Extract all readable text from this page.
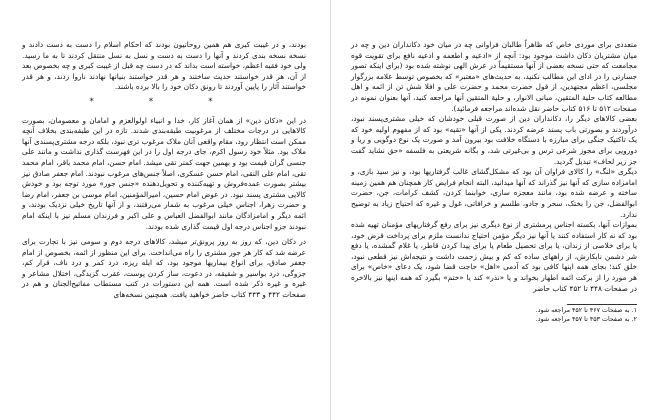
بودند، و در غیبت کبری هم همین روحانیون بودند که احکام اسلام را دست به دست دادند و نسخه نسخه بندی کردند و آنها را دست به دست و نسل به نسل منتقل کردند تا به ما رسید. ولی خود فقیه اعظم، خواسته است بداند که در دست چه قبل از غیبت کبری و چه بخصوص بعد از آن، هر قدر خواستند حدیث ساختند و هر قدر خواستند بنیانها نهادند ناروا زدند، و هر قدر خواستند آثار را پایین آوردند تا رونق دکان خود را بالا برده باشند.

* * *

در این «دکان دین» از همان آغاز کار، خدا و انبیاء اولوالعزم و امامان و معصومان، بصورت کالاهایی در درجات مختلف از مرغوبیت طبقه‌بندی شدند. تازه در این طبقه‌بندی بخلاف آنچه ممکن است انتظار رود، مقام واقعی آنان ملاک مرغوب تری نبود، بلکه درجه مشتری‌پسندی آنها ملاک بود. مثلاً خود رسول اکرم، جای درجه اول را در این فهرست گذاری نداشت و مانند علی جنسی گران قیمت بود و بهمین جهت کمتر تقی میشد. امام حسن، امام محمد باقر، امام محمد تقی، امام علی النقی، امام حسن عسکری، اصلاً جنس‌های مرغوب نبودند. امام جعفر صادق نیز بیشتر بصورت عمده‌فروش و تهیه‌کننده و تحویل‌دهنده «جنس جور» مورد توجه بود و خودش کالایی مشتری پسند نبود. در عوض امام حسین، امیرالمؤمنین، امام موسی بن جعفر، امام رضا و حضرت زهرا، اجناس خیلی مرغوب به شمار می‌رفتند، و از آنها تاریخ خیلی نزدیک بودند، و ائمه دیگر و امامزادگان مانند ابوالفضل العباس و علی اکبر و فرزندان مسلم نیز با اینکه امام نبودند جزو اجناس درجه اول قیمت گذاری شده بودند.

در دکان دین، که روز به روز پرونق‌تر میشد، کالاهای درجه دوم و سومی نیز با تجارت برای عرضه شد که کار هر جور مشتری را راه می‌انداخت. برای این منظور از ائمه، بخصوص از امام جعفر صادق، برای انواع بیماریها موجود بود، که ایله ریزه، درد کمر و درد ناف، قرار کم، جزوگی، درد بواسیر و شقیقه، در دعوت، ساز کردن پوست، عقرب گزیدگی، اختلال مشاعر و غیره و غیره ذکر شده است. همه این دستورات در کتب مستطاب مفاتیح‌الجنان و هم در صفحات ۴۴۲ و ۴۴۳ کتاب حاضر خواهید یافت. همچنین نسخه‌های

متعددی برای موردی خاص که ظاهراً طالبان فراوانی چه در میان خود دکانداران دین و چه در میان مشتریان دکان داشت موجود بود: آنچه از «ادعیه و اطعمه و ادعیه نافع برای تقویت قوه مجامعت که حتی نسخه بعضی از آنها مستقیماً در عرش الهی نوشته شده بود (برای اینکه تصور جسارتی را در ادای این مطالب نکنید، به حدیث‌های «معتبر» که بخصوص توسط علامه بزرگوار مجلسی، اعظم مجتهدین، از قول حضرت محمد و حضرت علی و افلا شش تن از ائمه و اهل مطالعه کتاب حلیة المتقین، مبانی الانوار، و حلیة المتقین آنها مراجعه کنید، آنها بعنوان نمونه در صفحات ۵۱۲ تا ۵۱۶ کتاب حاضر نقل شده‌اند مراجعه فرمائید).

بعضی کالاهای دیگر را، دکانداران دین از صورت قبلی خودشان که خیلی مشتری‌پسند نبود، درآوردند و بصورتی باب پسند عرضه کردند. یکی از آنها «تقیه» بود که از مفهوم اولیه خود که یک تاکتیک جنگی برای مبارزه با دستگاه خلافت بود بیرون آمد و صورت یک نوع دوگویی و ریا و دورویی برای مجوز شرعی ترس و بی‌غیرتی شد، و بگانه شریعتی به فلسفه «حق نشاید گفت جز زیر لحاف» تبدیل گردید.

دیگری «لنگ» را کالای فراوان آن بود که مشکل‌گشای غالب گرفتاریها بود، و نیز سید بازی، و امامزاده سازی که آنها نیز گذراند که آنها میدانید، البته انجام فرایض کار همچنان هم همین زمینه ساخته و عرضه شده بود، مانند معجزه سازی، خوابنما کردن، کشف کرامات، جن، حضرت ابوالفضل، جن را بختک، سحر و جادو، طلسم و خرافاتی، غول و غیره که احتیاج زیاد به توضیح ندارد.

بموازات آنها، بکسته اجناس پرمشتری از نوع دیگری نیز برای رفع گرفتاریهای مؤمنان تهیه شده بود که نه کار استفاده کنند یا آنها نیز دیگر مؤمن احتیاج ندانست ملزم برای پرداخت قرض خود، یا برای خلاصی از زندان، یا برای تحصیل طعام یا برای پیدا کردن قاطر، یا غلام گمشده، یا دفع شر دشمن نابکارش، از راههای ساده که کم و بیش زحمت داشت و نتیجه‌اش نیز قطعی نبود، خلق کند؛ بجای همه اینها کافی بود که آدمی «اهل» حاجت قضا شود، یک دعای «خاص» برای هر مورد را از برکت ائمه اطهار بخواند و یا «نذر» کند یا «ختم» بگیرد که همه اینها نیز بالاخره در صفحات ۴۴۸ تا ۴۵۲ کتاب حاضر

۱. به صفحات ۴۶۷ تا ۴۵۲ مراجعه شود.
۲. به صفحات ۴۵۳ تا ۴۵۷ مراجعه شود.
